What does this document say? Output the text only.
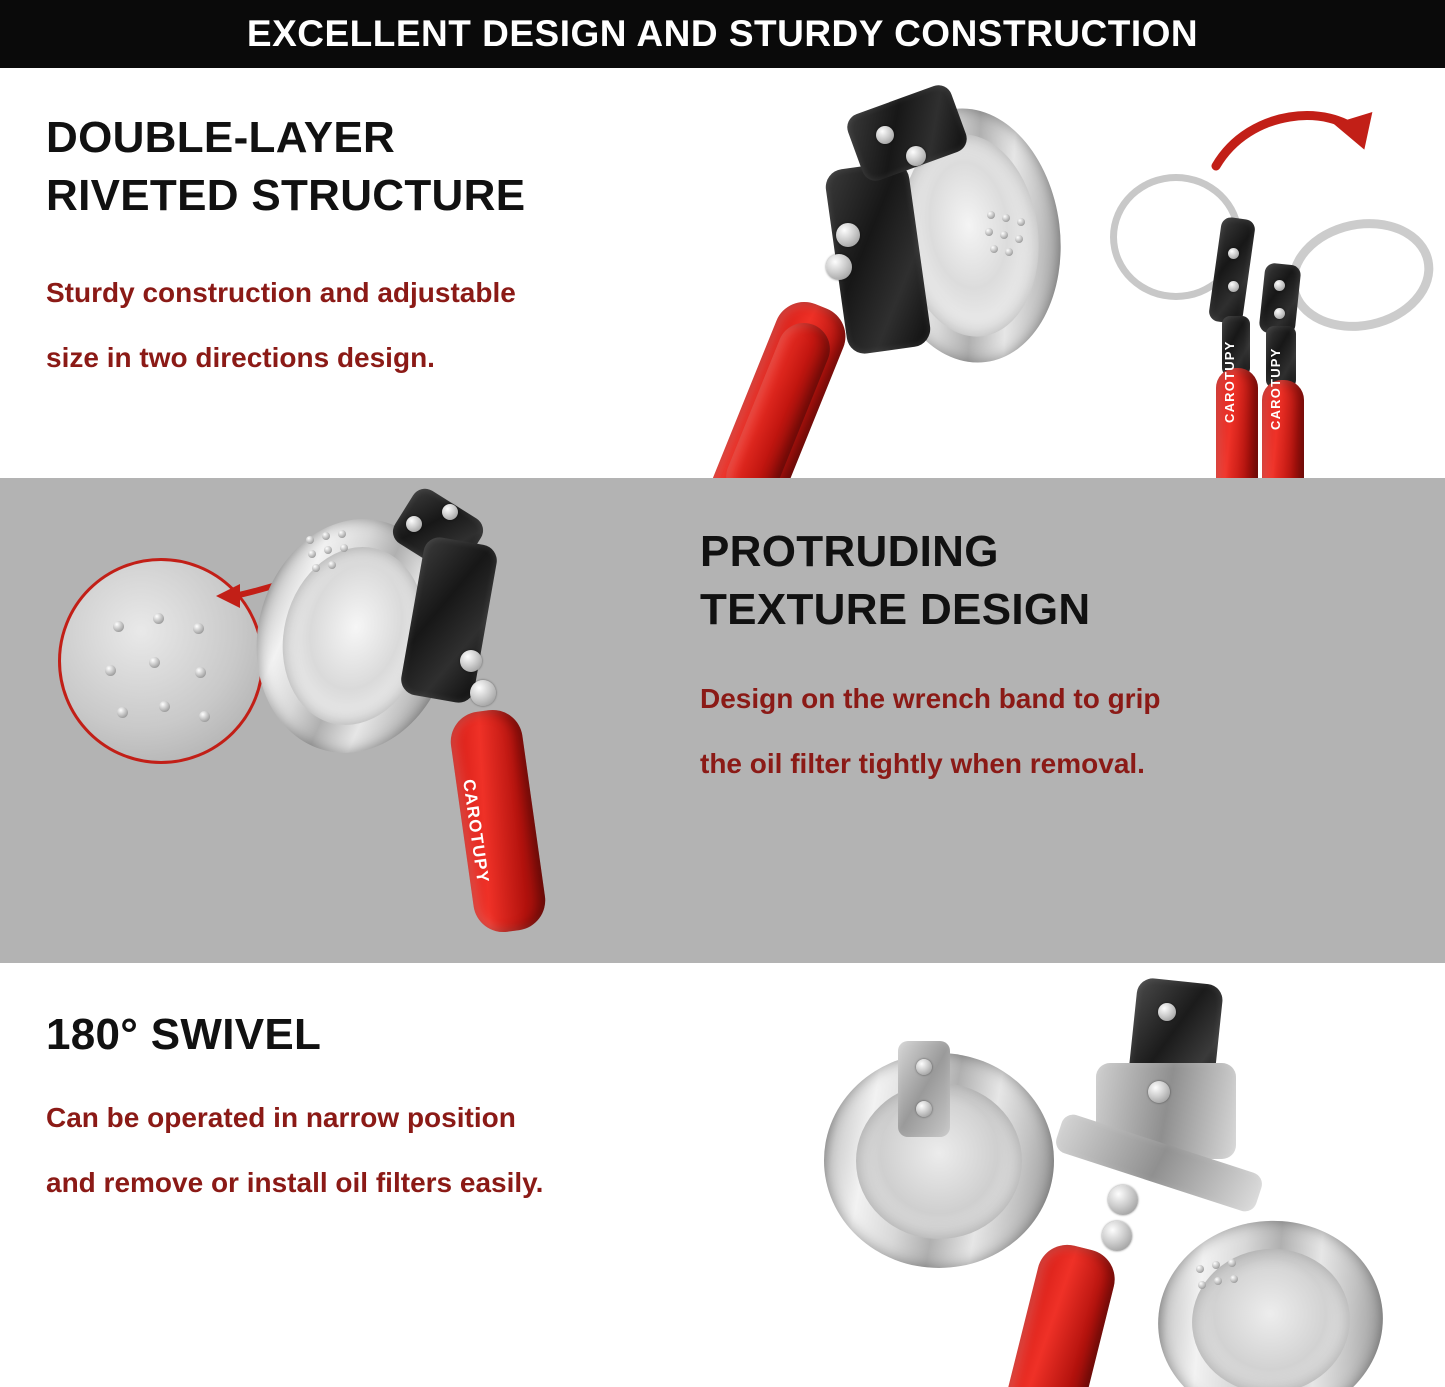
EXCELLENT DESIGN AND STURDY CONSTRUCTION
DOUBLE-LAYER
RIVETED STRUCTURE
Sturdy construction and adjustable
size in two directions design.	CAROTUPY CAROTUPY
PROTRUDING
TEXTURE DESIGN
Design on the wrench band to grip
the oil filter tightly when removal.
CAROTUPY
180° SWIVEL
Can be operated in narrow position
and remove or install oil filters easily.
